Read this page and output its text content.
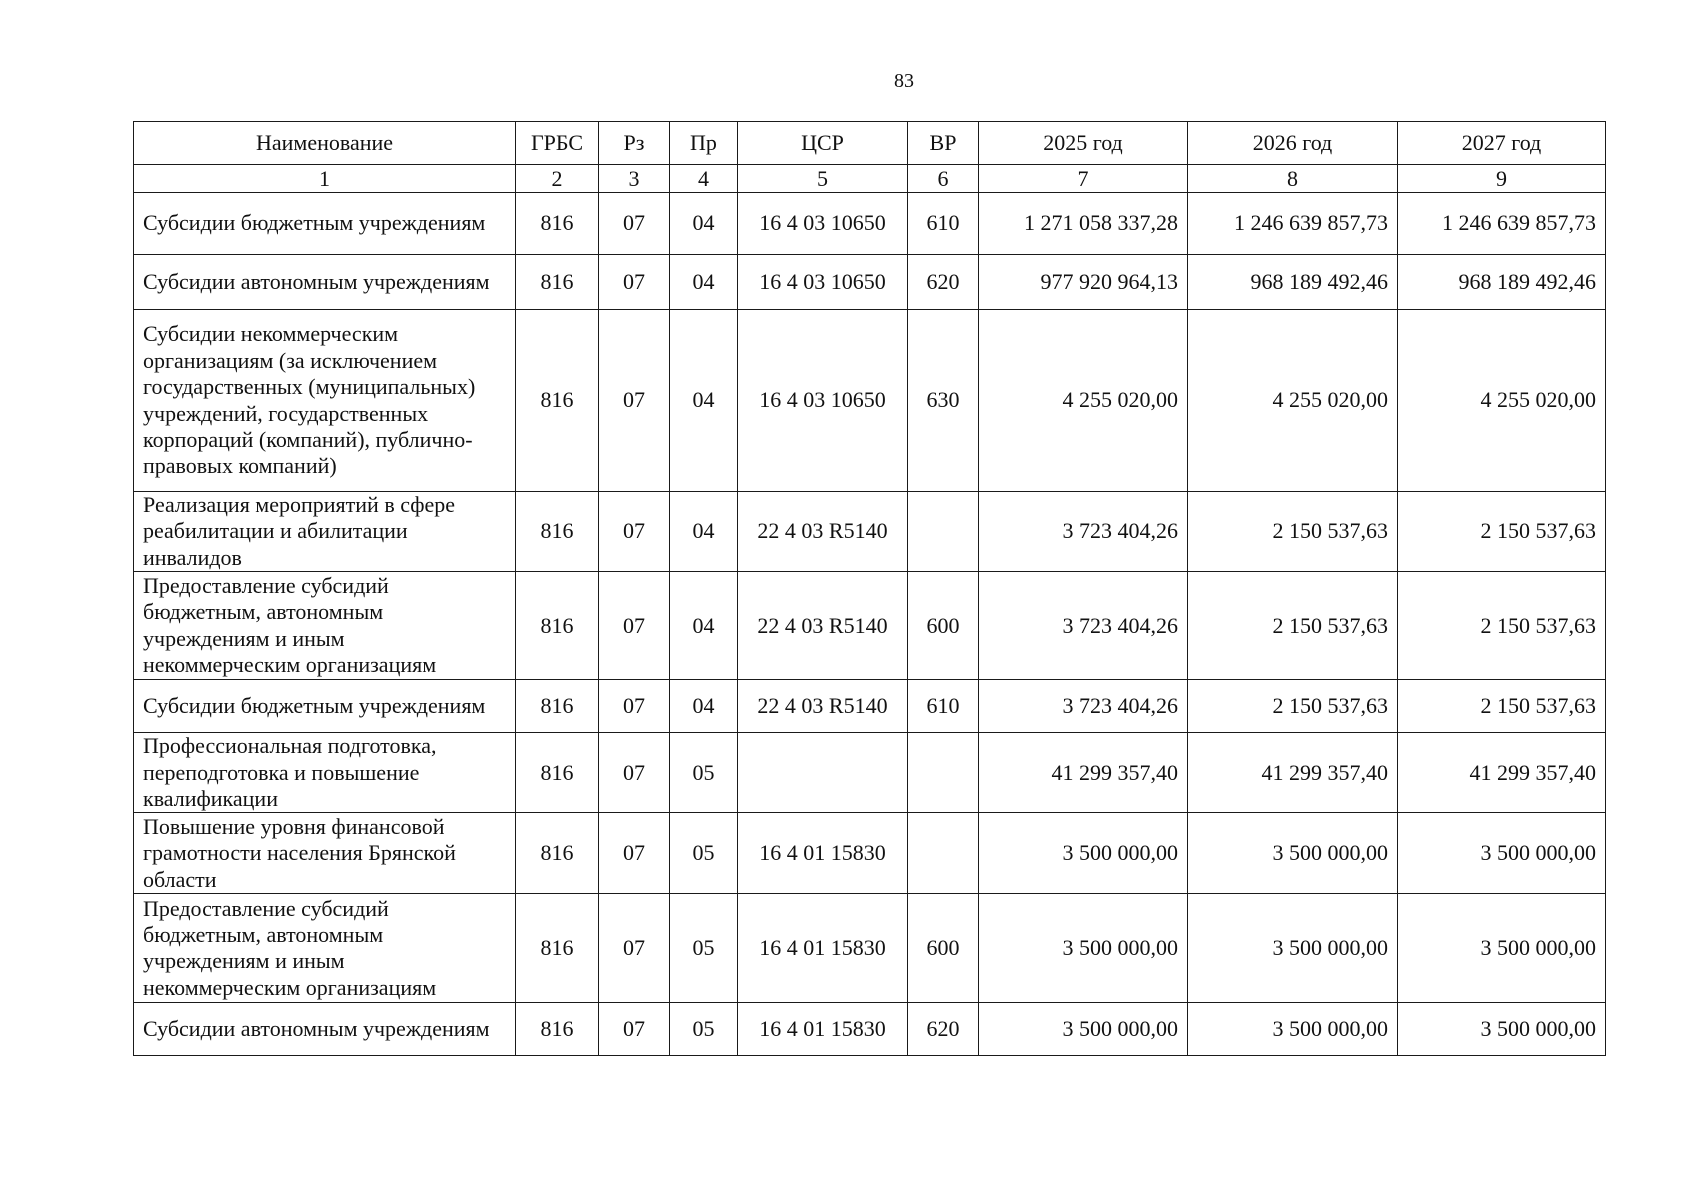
83
Наименование	ГРБС	Рз	Пр	ЦСР	ВР	2025 год	2026 год	2027 год
1	2	3	4	5	6	7	8	9
Субсидии бюджетным учреждениям	816	07	04	16 4 03 10650	610	1 271 058 337,28	1 246 639 857,73	1 246 639 857,73
Субсидии автономным учреждениям	816	07	04	16 4 03 10650	620	977 920 964,13	968 189 492,46	968 189 492,46
Субсидии некоммерческим организациям (за исключением государственных (муниципальных) учреждений, государственных корпораций (компаний), публично-правовых компаний)	816	07	04	16 4 03 10650	630	4 255 020,00	4 255 020,00	4 255 020,00
Реализация мероприятий в сфере реабилитации и абилитации инвалидов	816	07	04	22 4 03 R5140		3 723 404,26	2 150 537,63	2 150 537,63
Предоставление субсидий бюджетным, автономным учреждениям и иным некоммерческим организациям	816	07	04	22 4 03 R5140	600	3 723 404,26	2 150 537,63	2 150 537,63
Субсидии бюджетным учреждениям	816	07	04	22 4 03 R5140	610	3 723 404,26	2 150 537,63	2 150 537,63
Профессиональная подготовка, переподготовка и повышение квалификации	816	07	05			41 299 357,40	41 299 357,40	41 299 357,40
Повышение уровня финансовой грамотности населения Брянской области	816	07	05	16 4 01 15830		3 500 000,00	3 500 000,00	3 500 000,00
Предоставление субсидий бюджетным, автономным учреждениям и иным некоммерческим организациям	816	07	05	16 4 01 15830	600	3 500 000,00	3 500 000,00	3 500 000,00
Субсидии автономным учреждениям	816	07	05	16 4 01 15830	620	3 500 000,00	3 500 000,00	3 500 000,00
